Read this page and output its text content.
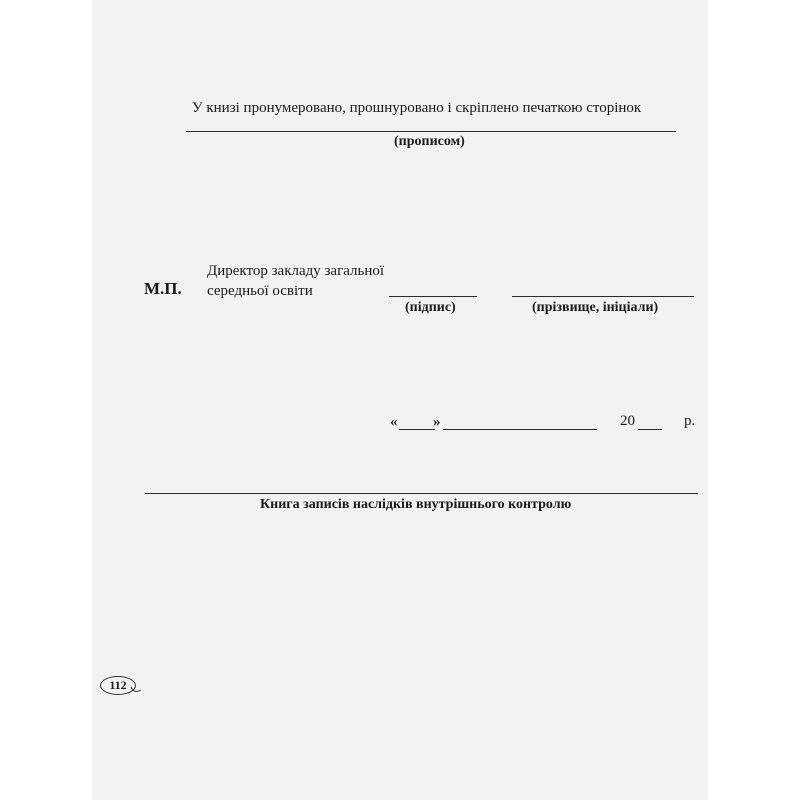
У книзі пронумеровано, прошнуровано і скріплено печаткою сторінок
(прописом)
М.П.
Директор закладу загальної
середньої освіти
(підпис)	(прізвище, ініціали)
« »	20	р.
Книга записів наслідків внутрішнього контролю
112
